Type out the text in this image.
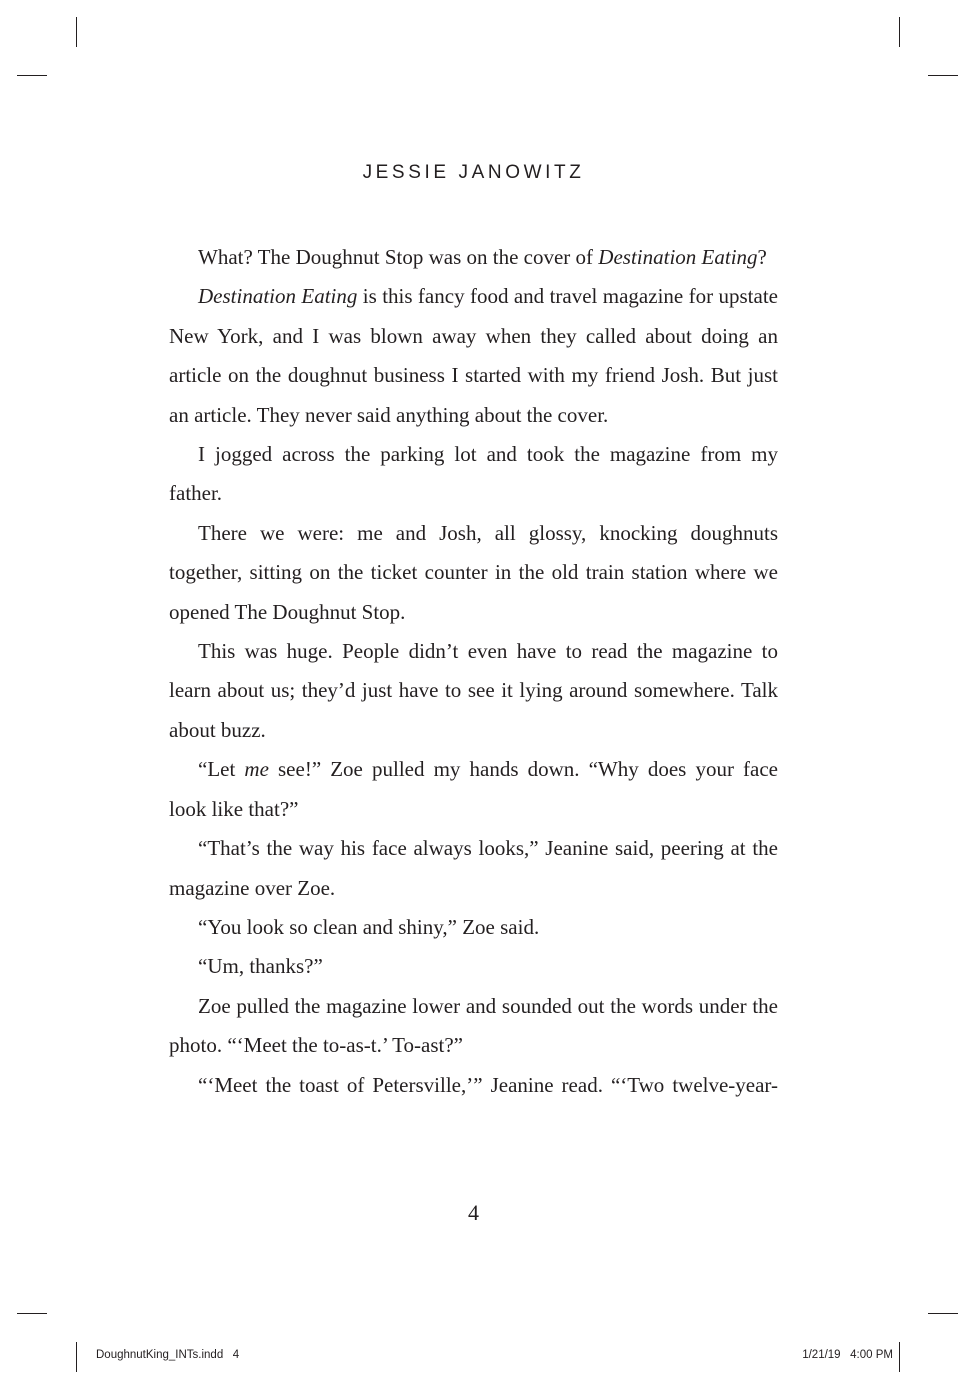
JESSIE JANOWITZ

What? The Doughnut Stop was on the cover of Destination Eating?

Destination Eating is this fancy food and travel magazine for upstate New York, and I was blown away when they called about doing an article on the doughnut business I started with my friend Josh. But just an article. They never said anything about the cover.

I jogged across the parking lot and took the magazine from my father.

There we were: me and Josh, all glossy, knocking doughnuts together, sitting on the ticket counter in the old train station where we opened The Doughnut Stop.

This was huge. People didn’t even have to read the magazine to learn about us; they’d just have to see it lying around somewhere. Talk about buzz.

“Let me see!” Zoe pulled my hands down. “Why does your face look like that?”

“That’s the way his face always looks,” Jeanine said, peering at the magazine over Zoe.

“You look so clean and shiny,” Zoe said.

“Um, thanks?”

Zoe pulled the magazine lower and sounded out the words under the photo. “‘Meet the to-as-t.’ To-ast?”

“‘Meet the toast of Petersville,’” Jeanine read. “‘Two twelve-year-

4
DoughnutKing_INTs.indd   4	1/21/19   4:00 PM
